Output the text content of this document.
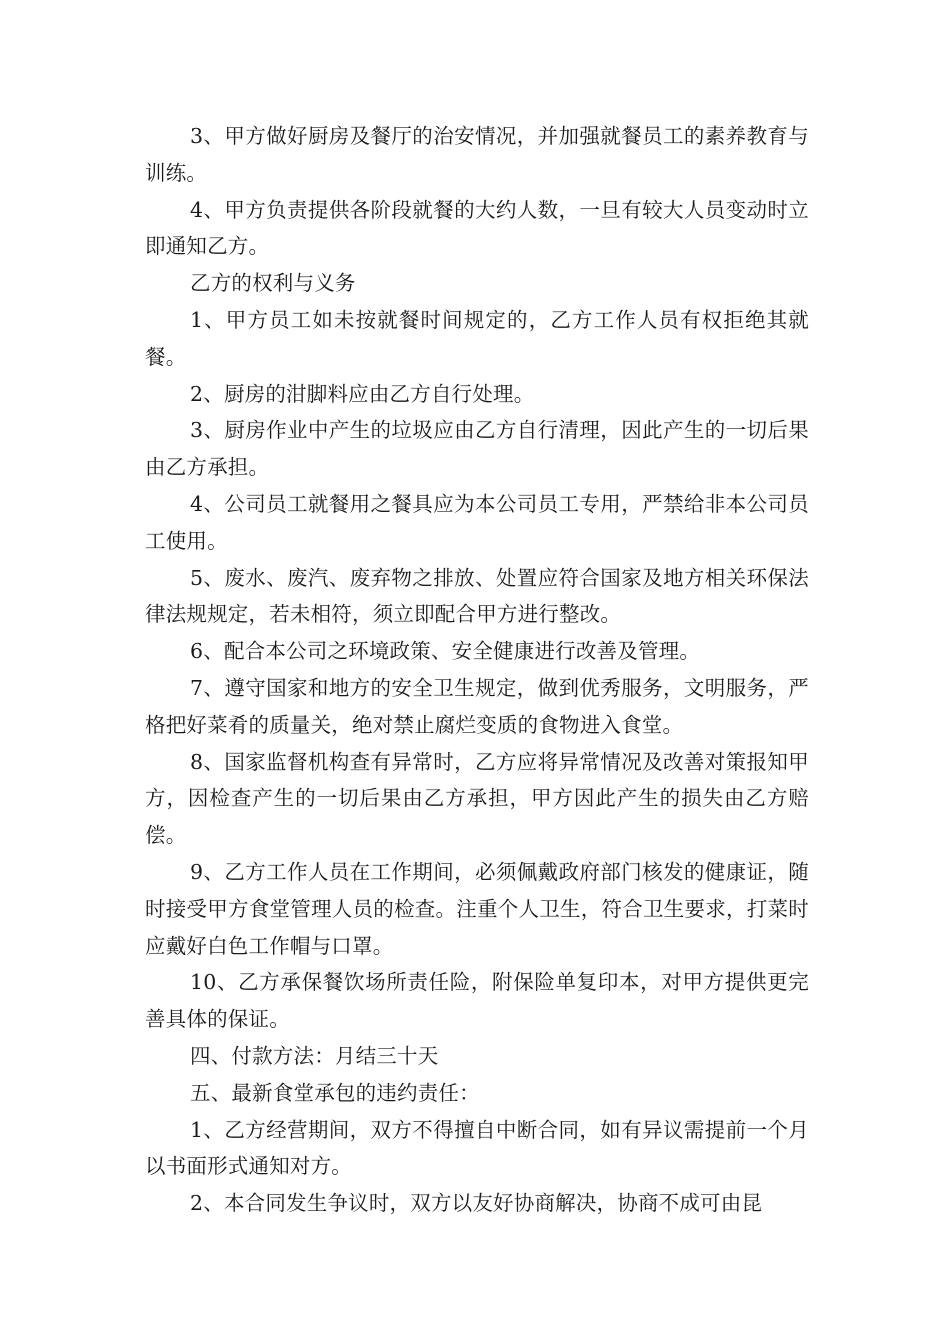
3、甲方做好厨房及餐厅的治安情况，并加强就餐员工的素养教育与训练。

4、甲方负责提供各阶段就餐的大约人数，一旦有较大人员变动时立即通知乙方。

乙方的权利与义务

1、甲方员工如未按就餐时间规定的，乙方工作人员有权拒绝其就餐。

2、厨房的泔脚料应由乙方自行处理。

3、厨房作业中产生的垃圾应由乙方自行清理，因此产生的一切后果由乙方承担。

4、公司员工就餐用之餐具应为本公司员工专用，严禁给非本公司员工使用。

5、废水、废汽、废弃物之排放、处置应符合国家及地方相关环保法律法规规定，若未相符，须立即配合甲方进行整改。

6、配合本公司之环境政策、安全健康进行改善及管理。

7、遵守国家和地方的安全卫生规定，做到优秀服务，文明服务，严格把好菜肴的质量关，绝对禁止腐烂变质的食物进入食堂。

8、国家监督机构查有异常时，乙方应将异常情况及改善对策报知甲方，因检查产生的一切后果由乙方承担，甲方因此产生的损失由乙方赔偿。

9、乙方工作人员在工作期间，必须佩戴政府部门核发的健康证，随时接受甲方食堂管理人员的检查。注重个人卫生，符合卫生要求，打菜时应戴好白色工作帽与口罩。

10、乙方承保餐饮场所责任险，附保险单复印本，对甲方提供更完善具体的保证。

四、付款方法：月结三十天

五、最新食堂承包的违约责任：

1、乙方经营期间，双方不得擅自中断合同，如有异议需提前一个月以书面形式通知对方。

2、本合同发生争议时，双方以友好协商解决，协商不成可由昆
